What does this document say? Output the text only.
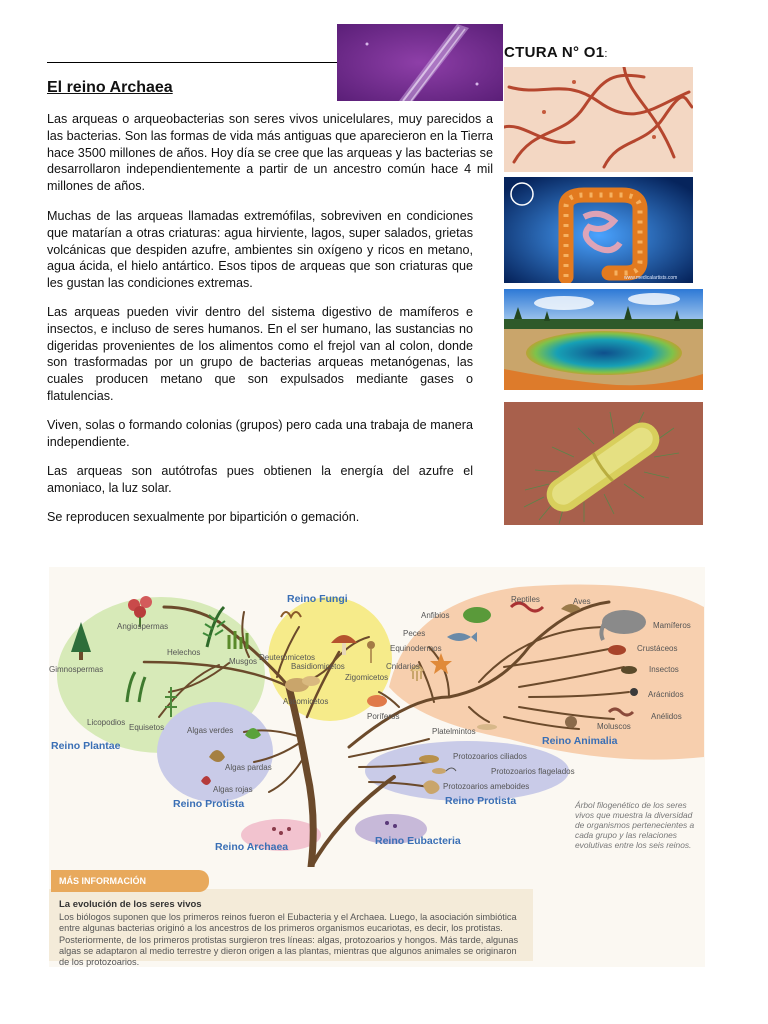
CTURA N° O1:
El reino Archaea
Las arqueas o arqueobacterias son seres vivos unicelulares, muy parecidos a las bacterias. Son las formas de vida más antiguas que aparecieron en la Tierra hace 3500 millones de años. Hoy día se cree que las arqueas y las bacterias se desarrollaron independientemente a partir de un ancestro común hace 4 mil millones de años.
Muchas de las arqueas llamadas extremófilas, sobreviven en condiciones que matarían a otras criaturas: agua hirviente, lagos, super salados, grietas volcánicas que despiden azufre, ambientes sin oxígeno y ricos en metano, agua ácida, el hielo antártico. Esos tipos de arqueas que son criaturas que les gustan las condiciones extremas.
Las arqueas pueden vivir dentro del sistema digestivo de mamíferos e insectos, e incluso de seres humanos. En el ser humano, las sustancias no digeridas provenientes de los alimentos como el frejol van al colon, donde son trasformadas por un grupo de bacterias arqueas metanógenas, las cuales producen metano que son expulsados mediante gases o flatulencias.
Viven, solas o formando colonias (grupos) pero cada una trabaja de manera independiente.
Las arqueas son autótrofas pues obtienen la energía del azufre el amoniaco, la luz solar.
Se reproducen sexualmente por bipartición o gemación.
www.medicalartists.com
Reino Fungi
Reino Plantae
Reino Protista	Reino Protista
Reino Animalia
Reino Archaea	Reino Eubacteria
Angiospermas
Helechos
Gimnospermas
Musgos
Licopodios
Equisetos
Deuteromicetos
Basidiomicetos
Zigomicetos
Ascomicetos
Algas verdes
Algas pardas
Algas rojas
Protozoarios ciliados
Protozoarios flagelados
Protozoarios ameboides
Reptiles	Aves
Anfibios
Peces
Mamíferos
Equinodermos
Cnidarios
Crustáceos
Insectos
Arácnidos
Poríferos	Anélidos
Moluscos
Platelmintos
Árbol filogenético de los seres vivos que muestra la diversidad de organismos pertenecientes a cada grupo y las relaciones evolutivas entre los seis reinos.
La evolución de los seres vivos
Los biólogos suponen que los primeros reinos fueron el Eubacteria y el Archaea. Luego, la asociación simbiótica entre algunas bacterias originó a los ancestros de los primeros organismos eucariotas, es decir, los protistas. Posteriormente, de los primeros protistas surgieron tres líneas: algas, protozoarios y hongos. Más tarde, algunas algas se adaptaron al medio terrestre y dieron origen a las plantas, mientras que algunos animales se originaron de los protozoarios.
MÁS INFORMACIÓN
